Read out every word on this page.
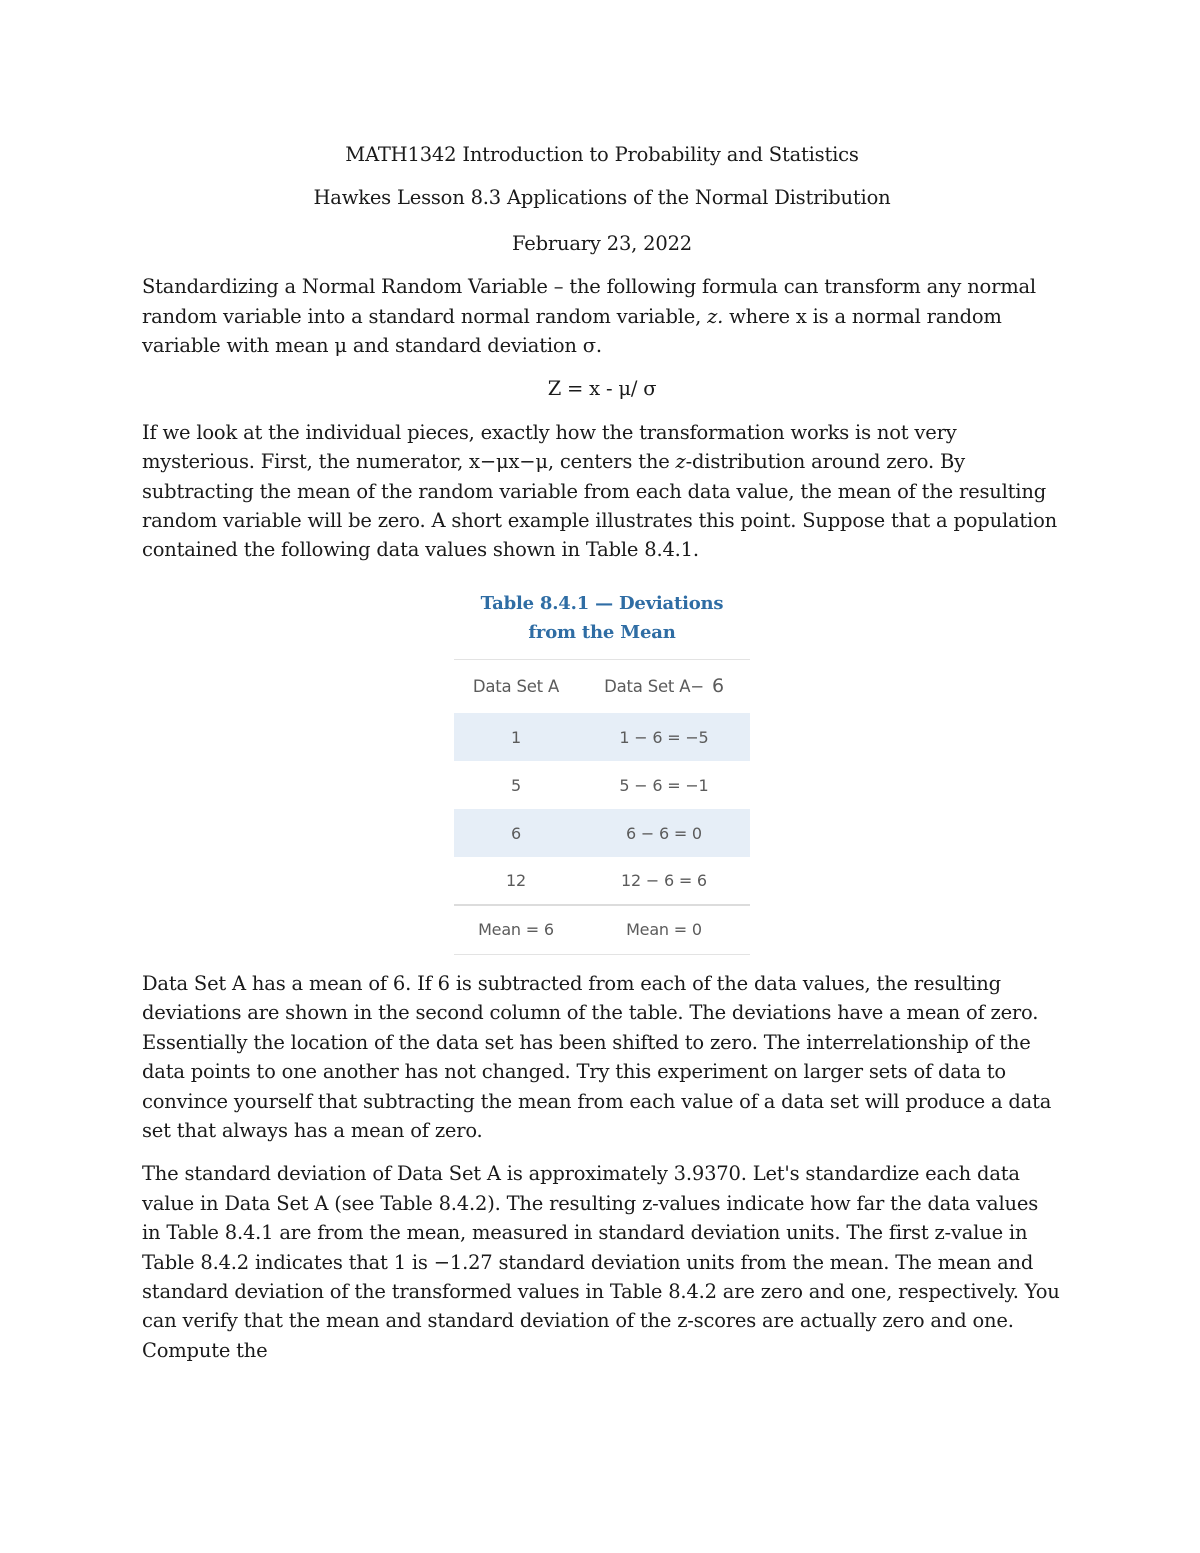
MATH1342 Introduction to Probability and Statistics

Hawkes Lesson 8.3 Applications of the Normal Distribution

February 23, 2022

Standardizing a Normal Random Variable – the following formula can transform any normal random variable into a standard normal random variable, z. where x is a normal random variable with mean μ and standard deviation σ.

Z = x - μ/ σ

If we look at the individual pieces, exactly how the transformation works is not very mysterious. First, the numerator, x−μx−μ, centers the z-distribution around zero. By subtracting the mean of the random variable from each data value, the mean of the resulting random variable will be zero. A short example illustrates this point. Suppose that a population contained the following data values shown in Table 8.4.1.

Table 8.4.1 — Deviations
from the Mean
Data Set A	Data Set A− 6
1	1 − 6 = −5
5	5 − 6 = −1
6	6 − 6 = 0
12	12 − 6 = 6
Mean = 6	Mean = 0

Data Set A has a mean of 6. If 6 is subtracted from each of the data values, the resulting deviations are shown in the second column of the table. The deviations have a mean of zero. Essentially the location of the data set has been shifted to zero. The interrelationship of the data points to one another has not changed. Try this experiment on larger sets of data to convince yourself that subtracting the mean from each value of a data set will produce a data set that always has a mean of zero.

The standard deviation of Data Set A is approximately 3.9370. Let's standardize each data value in Data Set A (see Table 8.4.2). The resulting z-values indicate how far the data values in Table 8.4.1 are from the mean, measured in standard deviation units. The first z-value in Table 8.4.2 indicates that 1 is −1.27 standard deviation units from the mean. The mean and standard deviation of the transformed values in Table 8.4.2 are zero and one, respectively. You can verify that the mean and standard deviation of the z-scores are actually zero and one. Compute the
